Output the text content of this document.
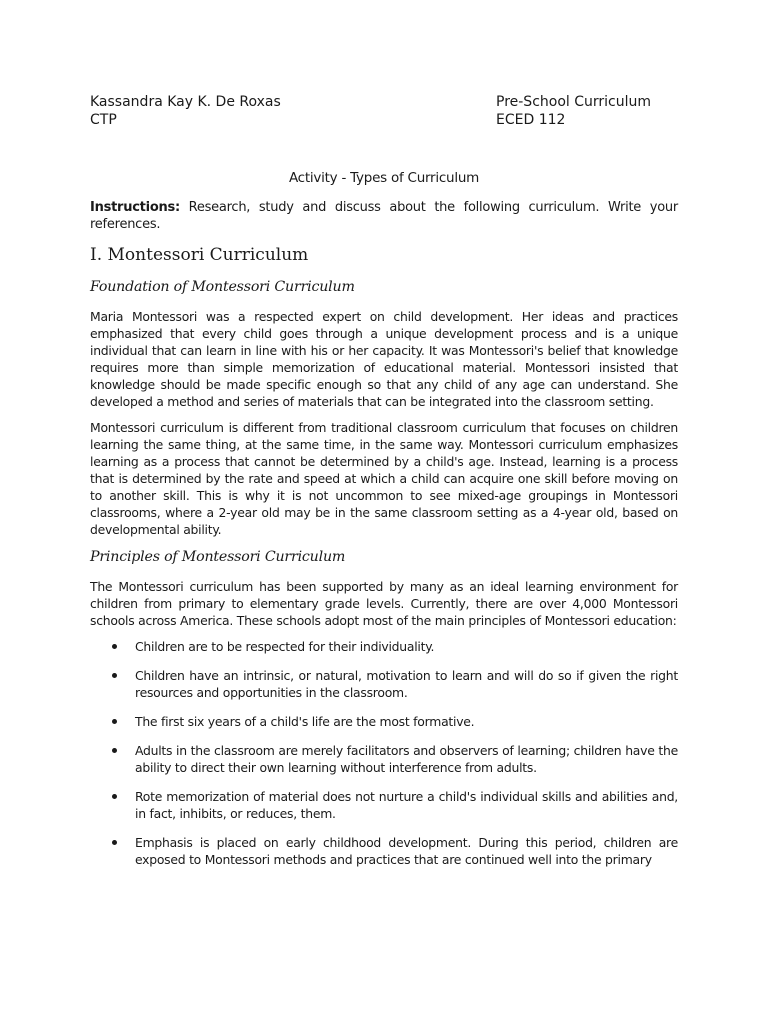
Kassandra Kay K. De Roxas
CTP
Pre-School Curriculum
ECED 112
Activity - Types of Curriculum
Instructions: Research, study and discuss about the following curriculum. Write your references.
I. Montessori Curriculum
Foundation of Montessori Curriculum

Maria Montessori was a respected expert on child development. Her ideas and practices emphasized that every child goes through a unique development process and is a unique individual that can learn in line with his or her capacity. It was Montessori's belief that knowledge requires more than simple memorization of educational material. Montessori insisted that knowledge should be made specific enough so that any child of any age can understand. She developed a method and series of materials that can be integrated into the classroom setting.

Montessori curriculum is different from traditional classroom curriculum that focuses on children learning the same thing, at the same time, in the same way. Montessori curriculum emphasizes learning as a process that cannot be determined by a child's age. Instead, learning is a process that is determined by the rate and speed at which a child can acquire one skill before moving on to another skill. This is why it is not uncommon to see mixed-age groupings in Montessori classrooms, where a 2-year old may be in the same classroom setting as a 4-year old, based on developmental ability.

Principles of Montessori Curriculum

The Montessori curriculum has been supported by many as an ideal learning environment for children from primary to elementary grade levels. Currently, there are over 4,000 Montessori schools across America. These schools adopt most of the main principles of Montessori education:

Children are to be respected for their individuality.
Children have an intrinsic, or natural, motivation to learn and will do so if given the right resources and opportunities in the classroom.
The first six years of a child's life are the most formative.
Adults in the classroom are merely facilitators and observers of learning; children have the ability to direct their own learning without interference from adults.
Rote memorization of material does not nurture a child's individual skills and abilities and, in fact, inhibits, or reduces, them.
Emphasis is placed on early childhood development. During this period, children are exposed to Montessori methods and practices that are continued well into the primary
